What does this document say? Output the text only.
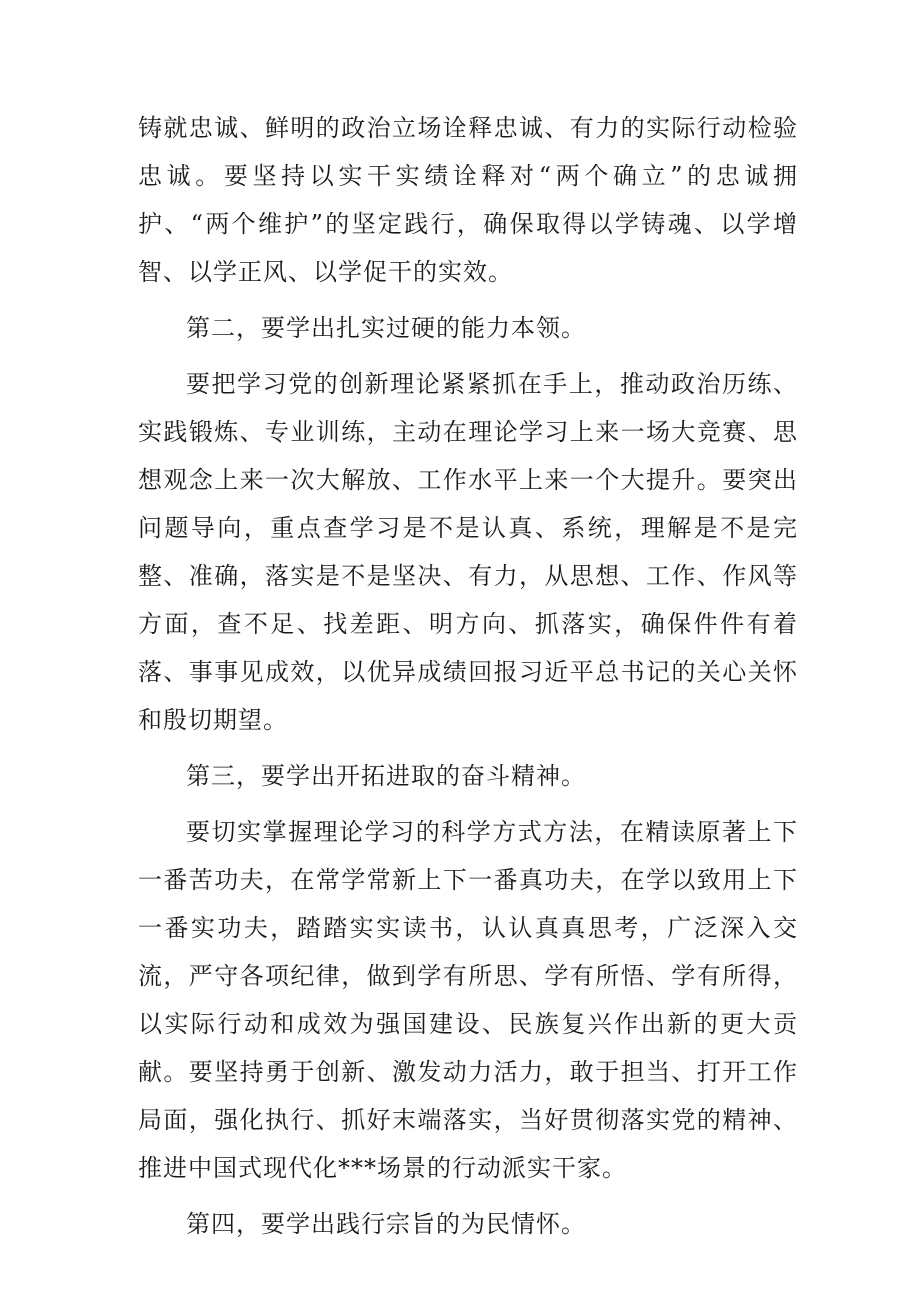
铸就忠诚、鲜明的政治立场诠释忠诚、有力的实际行动检验忠诚。要坚持以实干实绩诠释对“两个确立”的忠诚拥护、“两个维护”的坚定践行，确保取得以学铸魂、以学增智、以学正风、以学促干的实效。

第二，要学出扎实过硬的能力本领。

要把学习党的创新理论紧紧抓在手上，推动政治历练、实践锻炼、专业训练，主动在理论学习上来一场大竞赛、思想观念上来一次大解放、工作水平上来一个大提升。要突出问题导向，重点查学习是不是认真、系统，理解是不是完整、准确，落实是不是坚决、有力，从思想、工作、作风等方面，查不足、找差距、明方向、抓落实，确保件件有着落、事事见成效，以优异成绩回报习近平总书记的关心关怀和殷切期望。

第三，要学出开拓进取的奋斗精神。

要切实掌握理论学习的科学方式方法，在精读原著上下一番苦功夫，在常学常新上下一番真功夫，在学以致用上下一番实功夫，踏踏实实读书，认认真真思考，广泛深入交流，严守各项纪律，做到学有所思、学有所悟、学有所得，以实际行动和成效为强国建设、民族复兴作出新的更大贡献。要坚持勇于创新、激发动力活力，敢于担当、打开工作局面，强化执行、抓好末端落实，当好贯彻落实党的精神、推进中国式现代化***场景的行动派实干家。

第四，要学出践行宗旨的为民情怀。
